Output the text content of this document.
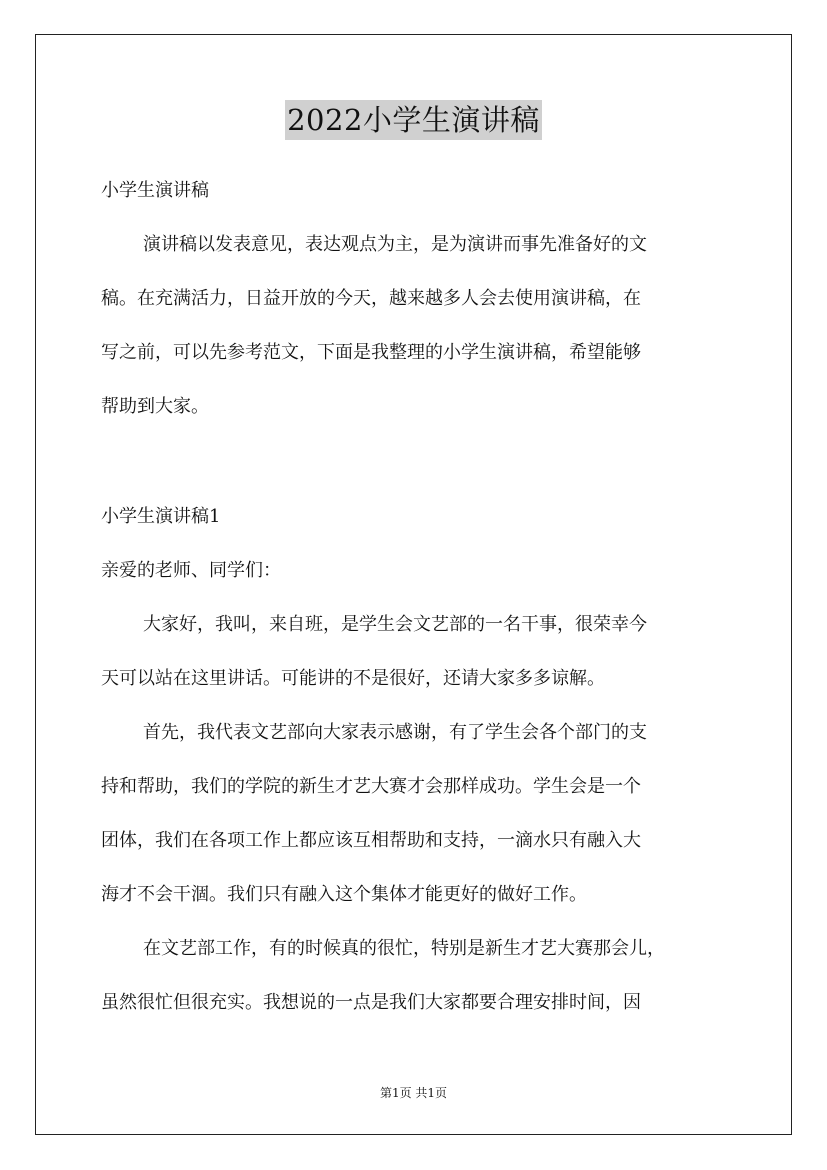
2022小学生演讲稿
小学生演讲稿
演讲稿以发表意见，表达观点为主，是为演讲而事先准备好的文
稿。在充满活力，日益开放的今天，越来越多人会去使用演讲稿，在
写之前，可以先参考范文，下面是我整理的小学生演讲稿，希望能够
帮助到大家。
小学生演讲稿1
亲爱的老师、同学们：
大家好，我叫，来自班，是学生会文艺部的一名干事，很荣幸今
天可以站在这里讲话。可能讲的不是很好，还请大家多多谅解。
首先，我代表文艺部向大家表示感谢，有了学生会各个部门的支
持和帮助，我们的学院的新生才艺大赛才会那样成功。学生会是一个
团体，我们在各项工作上都应该互相帮助和支持，一滴水只有融入大
海才不会干涸。我们只有融入这个集体才能更好的做好工作。
在文艺部工作，有的时候真的很忙，特别是新生才艺大赛那会儿，
虽然很忙但很充实。我想说的一点是我们大家都要合理安排时间，因
第1页 共1页
